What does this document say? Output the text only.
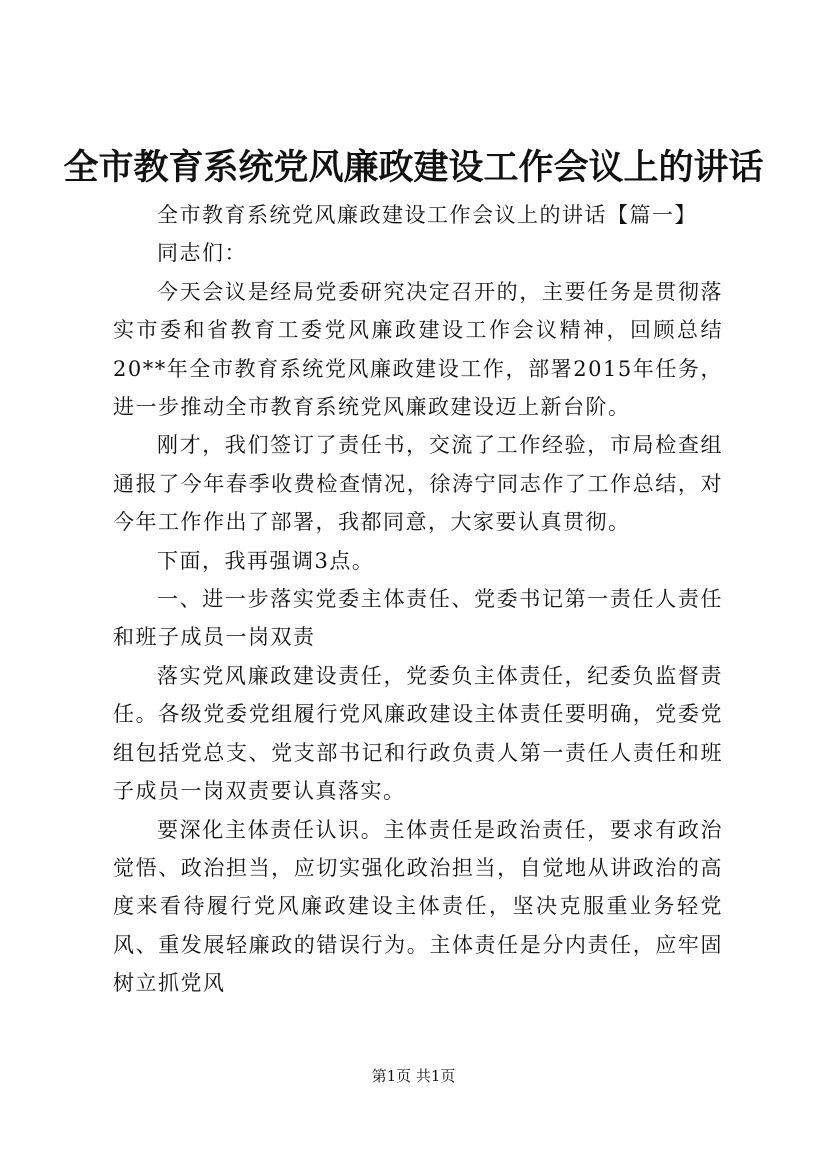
全市教育系统党风廉政建设工作会议上的讲话

全市教育系统党风廉政建设工作会议上的讲话【篇一】

同志们：

今天会议是经局党委研究决定召开的，主要任务是贯彻落实市委和省教育工委党风廉政建设工作会议精神，回顾总结20**年全市教育系统党风廉政建设工作，部署2015年任务，进一步推动全市教育系统党风廉政建设迈上新台阶。

刚才，我们签订了责任书，交流了工作经验，市局检查组通报了今年春季收费检查情况，徐涛宁同志作了工作总结，对今年工作作出了部署，我都同意，大家要认真贯彻。

下面，我再强调3点。

一、进一步落实党委主体责任、党委书记第一责任人责任和班子成员一岗双责

落实党风廉政建设责任，党委负主体责任，纪委负监督责任。各级党委党组履行党风廉政建设主体责任要明确，党委党组包括党总支、党支部书记和行政负责人第一责任人责任和班子成员一岗双责要认真落实。

要深化主体责任认识。主体责任是政治责任，要求有政治觉悟、政治担当，应切实强化政治担当，自觉地从讲政治的高度来看待履行党风廉政建设主体责任，坚决克服重业务轻党风、重发展轻廉政的错误行为。主体责任是分内责任，应牢固树立抓党风

第1页 共1页
